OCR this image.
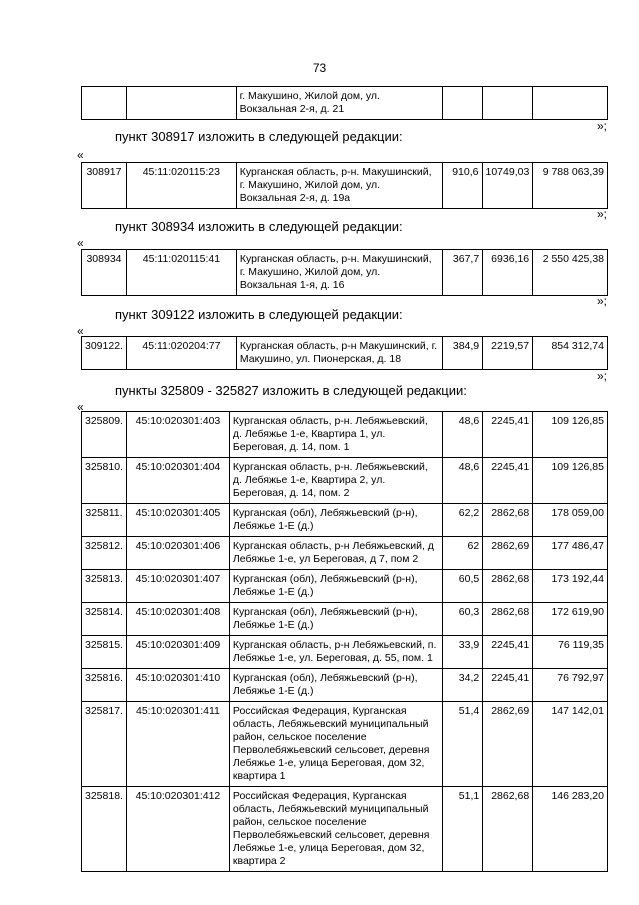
73
		г. Макушино, Жилой дом, ул. Вокзальная 2-я, д. 21			
»;
пункт 308917 изложить в следующей редакции:
«
308917	45:11:020115:23	Курганская область, р-н. Макушинский, г. Макушино, Жилой дом, ул. Вокзальная 2-я, д. 19а	910,6	10749,03	9 788 063,39
»;
пункт 308934 изложить в следующей редакции:
«
308934	45:11:020115:41	Курганская область, р-н. Макушинский, г. Макушино, Жилой дом, ул. Вокзальная 1-я, д. 16	367,7	6936,16	2 550 425,38
»;
пункт 309122 изложить в следующей редакции:
«
309122.	45:11:020204:77	Курганская область, р-н Макушинский, г. Макушино, ул. Пионерская, д. 18	384,9	2219,57	854 312,74
»;
пункты 325809 - 325827 изложить в следующей редакции:
«
325809.	45:10:020301:403	Курганская область, р-н. Лебяжьевский, д. Лебяжье 1-е, Квартира 1, ул. Береговая, д. 14, пом. 1	48,6	2245,41	109 126,85
325810.	45:10:020301:404	Курганская область, р-н. Лебяжьевский, д. Лебяжье 1-е, Квартира 2, ул. Береговая, д. 14, пом. 2	48,6	2245,41	109 126,85
325811.	45:10:020301:405	Курганская (обл), Лебяжьевский (р-н), Лебяжье 1-Е (д.)	62,2	2862,68	178 059,00
325812.	45:10:020301:406	Курганская область, р-н Лебяжьевский, д Лебяжье 1-е, ул Береговая, д 7, пом 2	62	2862,69	177 486,47
325813.	45:10:020301:407	Курганская (обл), Лебяжьевский (р-н), Лебяжье 1-Е (д.)	60,5	2862,68	173 192,44
325814.	45:10:020301:408	Курганская (обл), Лебяжьевский (р-н), Лебяжье 1-Е (д.)	60,3	2862,68	172 619,90
325815.	45:10:020301:409	Курганская область, р-н Лебяжьевский, п. Лебяжье 1-е, ул. Береговая, д. 55, пом. 1	33,9	2245,41	76 119,35
325816.	45:10:020301:410	Курганская (обл), Лебяжьевский (р-н), Лебяжье 1-Е (д.)	34,2	2245,41	76 792,97
325817.	45:10:020301:411	Российская Федерация, Курганская область, Лебяжьевский муниципальный район, сельское поселение Перволебяжьевский сельсовет, деревня Лебяжье 1-е, улица Береговая, дом 32, квартира 1	51,4	2862,69	147 142,01
325818.	45:10:020301:412	Российская Федерация, Курганская область, Лебяжьевский муниципальный район, сельское поселение Перволебяжьевский сельсовет, деревня Лебяжье 1-е, улица Береговая, дом 32, квартира 2	51,1	2862,68	146 283,20
